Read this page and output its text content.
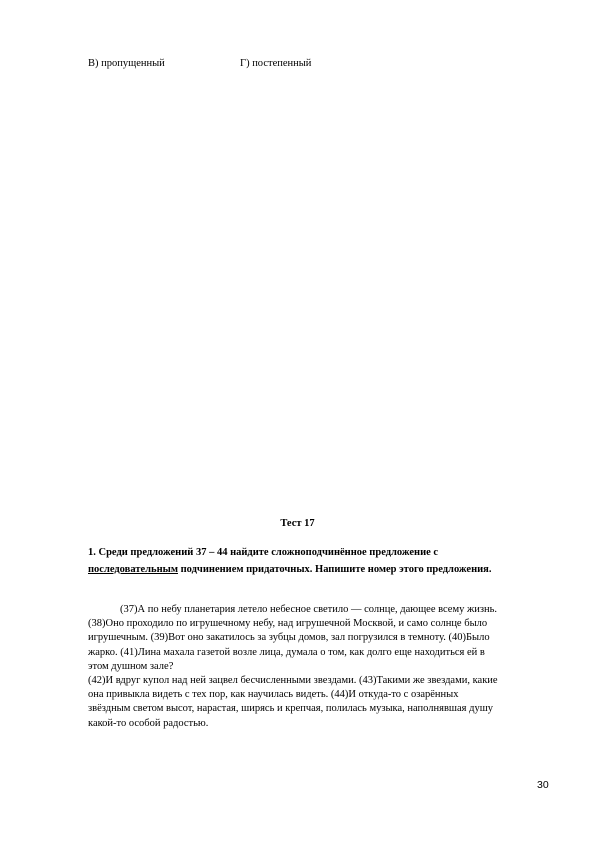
В) пропущенный	Г) постепенный
Тест 17
1. Среди предложений 37 – 44 найдите сложноподчинённое предложение с
последовательным подчинением придаточных. Напишите номер этого предложения.
(37)А по небу планетария летело небесное светило — солнце, дающее всему жизнь.
(38)Оно проходило по игрушечному небу, над игрушечной Москвой, и само солнце было
игрушечным. (39)Вот оно закатилось за зубцы домов, зал погрузился в темноту. (40)Было
жарко. (41)Лина махала газетой возле лица, думала о том, как долго еще находиться ей в
этом душном зале?
(42)И вдруг купол над ней зацвел бесчисленными звездами. (43)Такими же звездами, какие
она привыкла видеть с тех пор, как научилась видеть. (44)И откуда-то с озарённых
звёздным светом высот, нарастая, ширясь и крепчая, полилась музыка, наполнявшая душу
какой-то особой радостью.
30
